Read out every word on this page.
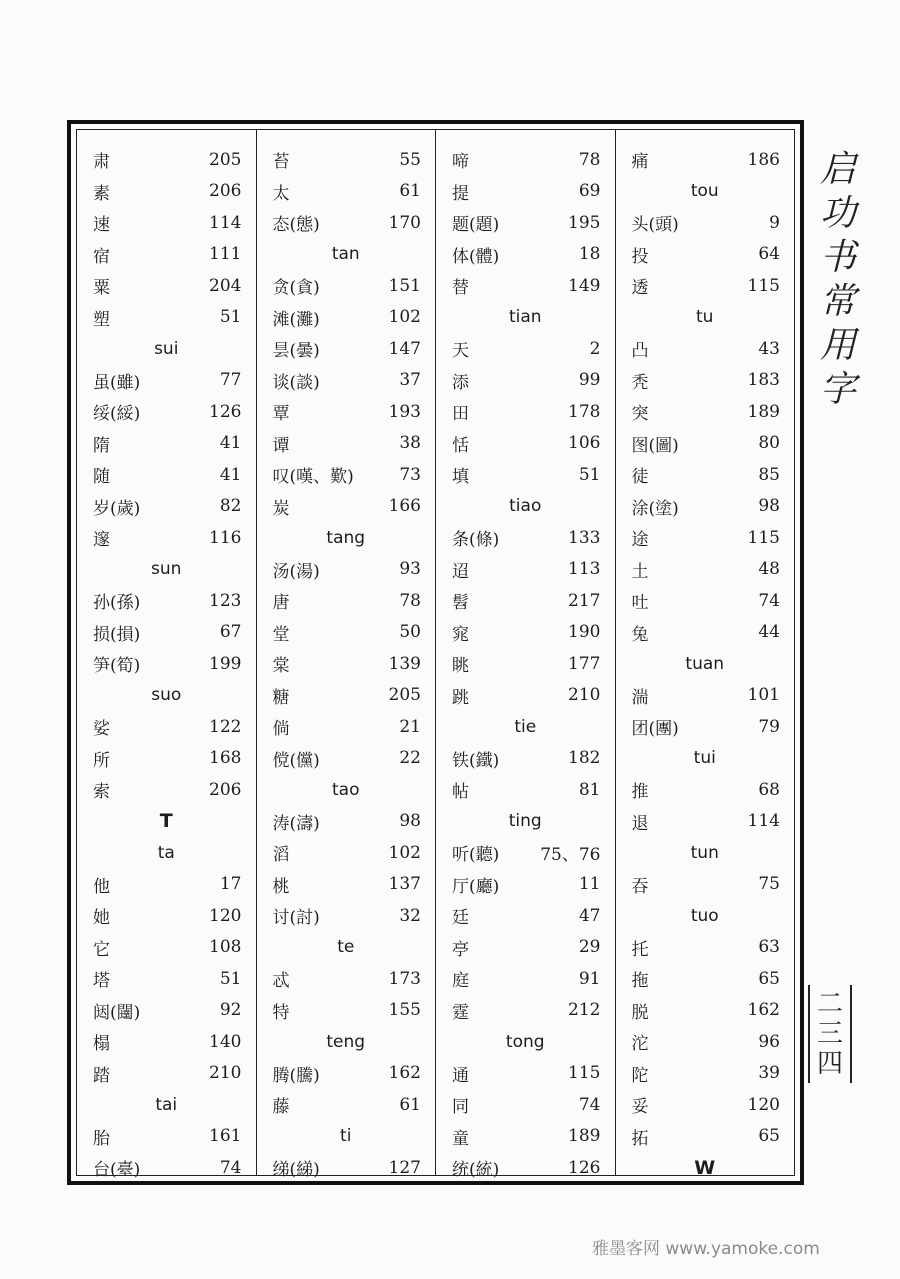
肃	205
素	206
速	114
宿	111
粟	204
塑	51
sui
虽(雖)	77
绥(綏)	126
隋	41
随	41
岁(歲)	82
邃	116
sun
孙(孫)	123
损(損)	67
笋(筍)	199
suo
娑	122
所	168
索	206
T
ta
他	17
她	120
它	108
塔	51
闼(闥)	92
榻	140
踏	210
tai
胎	161
台(臺)	74
苔	55
太	61
态(態)	170
tan
贪(貪)	151
滩(灘)	102
昙(曇)	147
谈(談)	37
覃	193
谭	38
叹(嘆、歎)	73
炭	166
tang
汤(湯)	93
唐	78
堂	50
棠	139
糖	205
倘	21
傥(儻)	22
tao
涛(濤)	98
滔	102
桃	137
讨(討)	32
te
忒	173
特	155
teng
腾(騰)	162
藤	61
ti
绨(綈)	127
啼	78
提	69
题(題)	195
体(體)	18
替	149
tian
天	2
添	99
田	178
恬	106
填	51
tiao
条(條)	133
迢	113
髫	217
窕	190
眺	177
跳	210
tie
铁(鐵)	182
帖	81
ting
听(聽)	75、76
厅(廳)	11
廷	47
亭	29
庭	91
霆	212
tong
通	115
同	74
童	189
统(統)	126
痛	186
tou
头(頭)	9
投	64
透	115
tu
凸	43
秃	183
突	189
图(圖)	80
徒	85
涂(塗)	98
途	115
土	48
吐	74
兔	44
tuan
湍	101
团(團)	79
tui
推	68
退	114
tun
吞	75
tuo
托	63
拖	65
脱	162
沱	96
陀	39
妥	120
拓	65
W
启
功
书
常
用
字
二三四
雅墨客网 www.yamoke.com
